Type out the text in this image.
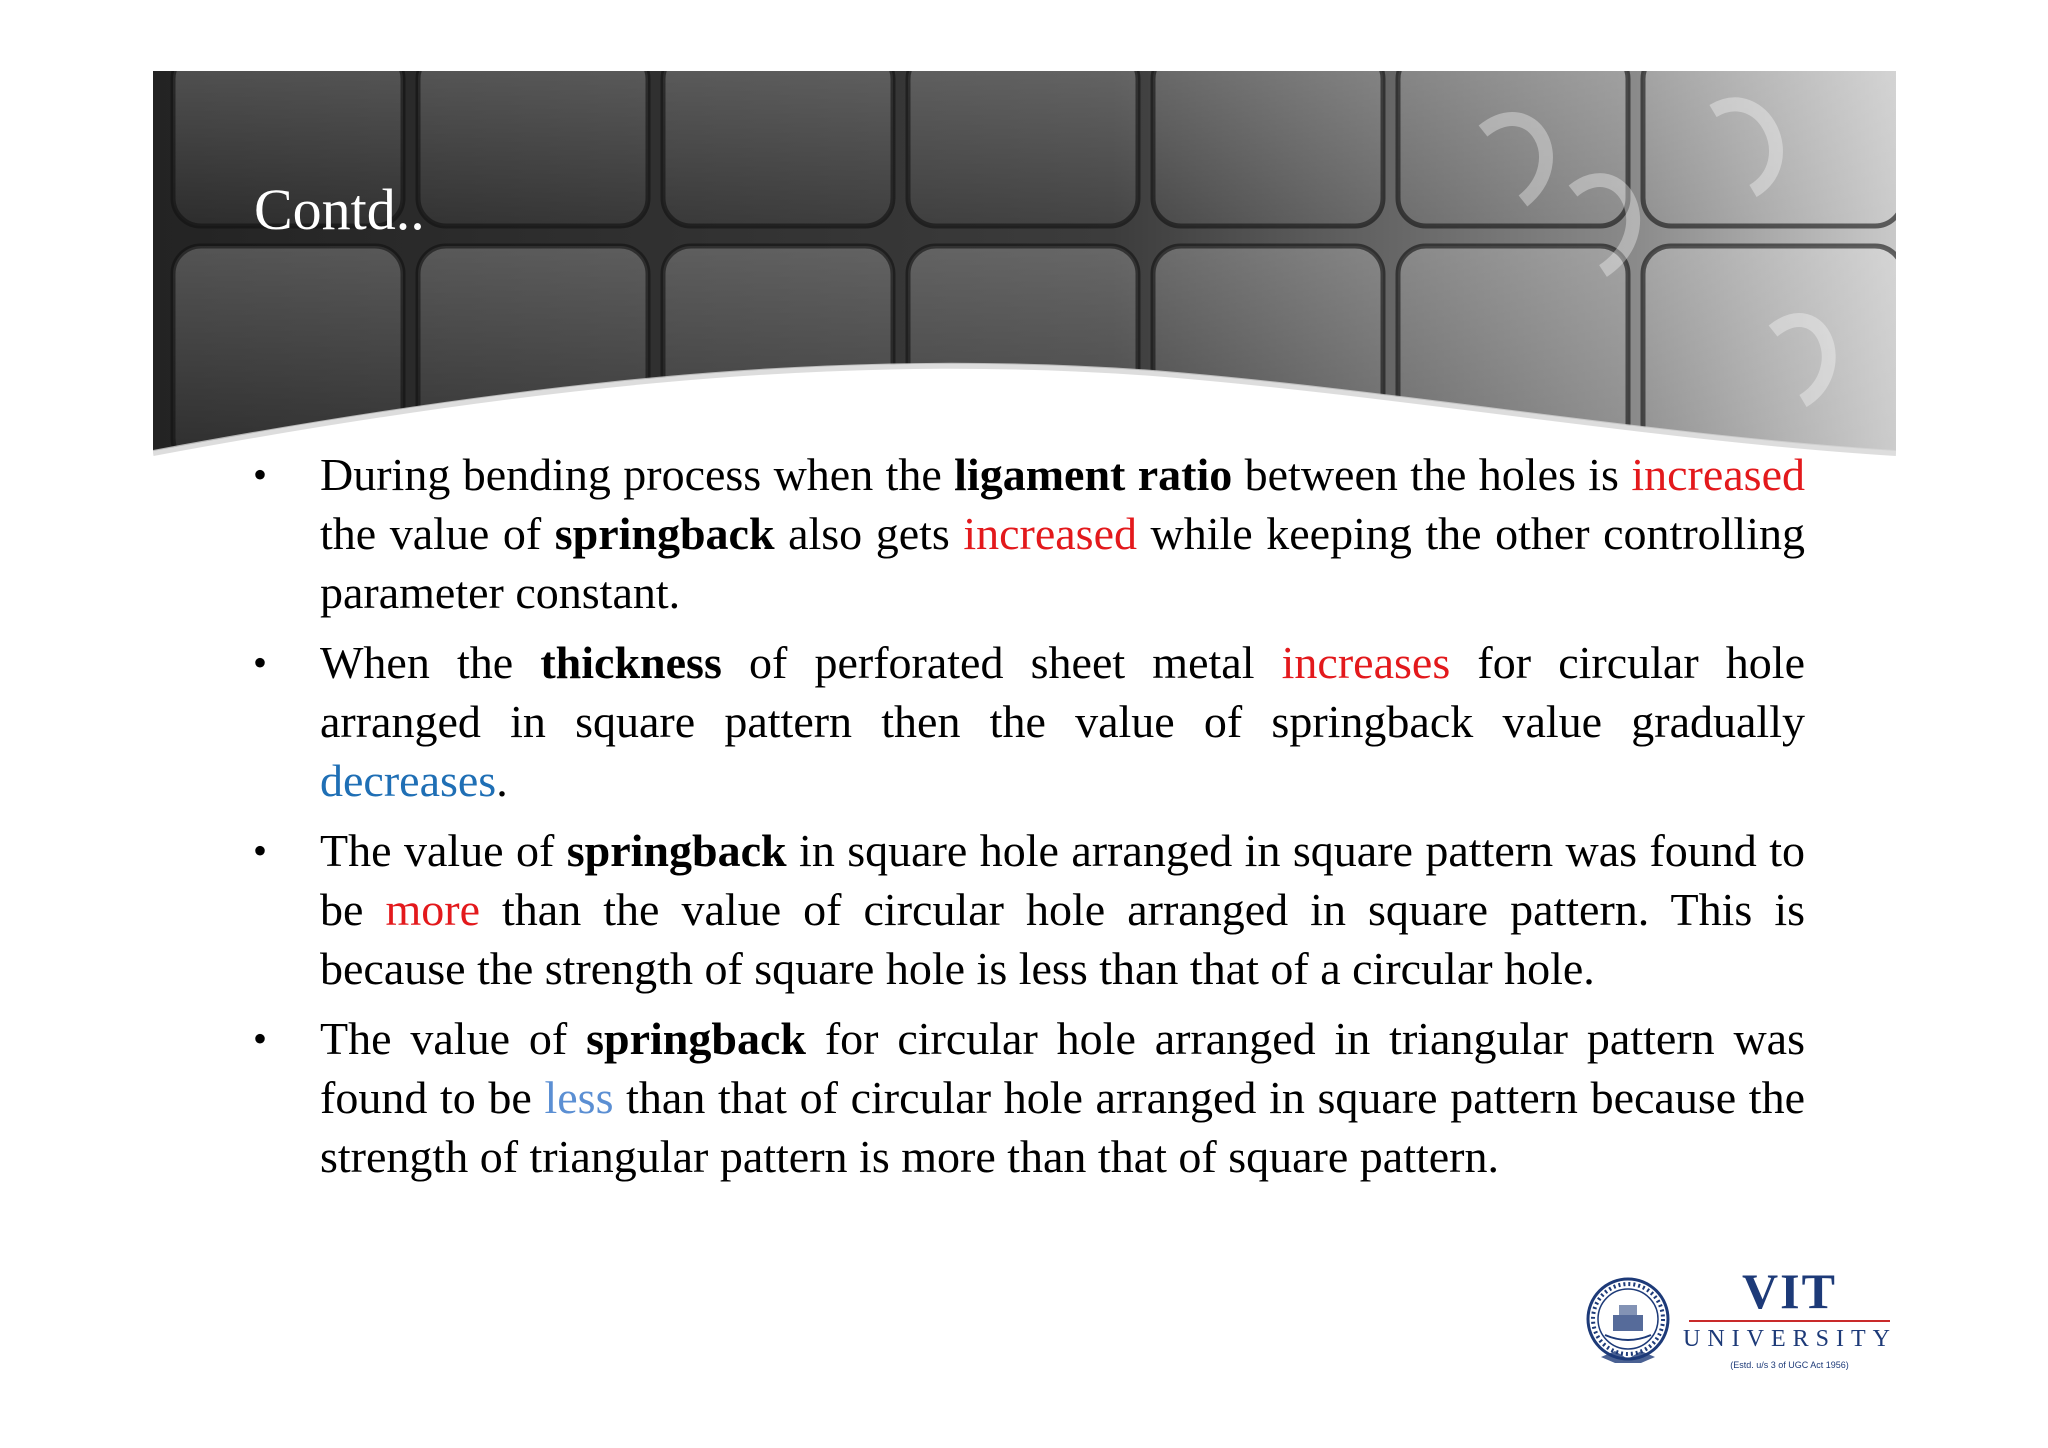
Contd..
• During bending process when the ligament ratio between the holes is increased the value of springback also gets increased while keeping the other controlling parameter constant.
• When the thickness of perforated sheet metal increases for circular hole arranged in square pattern then the value of springback value gradually decreases.
• The value of springback in square hole arranged in square pattern was found to be more than the value of circular hole arranged in square pattern. This is because the strength of square hole is less than that of a circular hole.
• The value of springback for circular hole arranged in triangular pattern was found to be less than that of circular hole arranged in square pattern because the strength of triangular pattern is more than that of square pattern.
VIT
UNIVERSITY
(Estd. u/s 3 of UGC Act 1956)
